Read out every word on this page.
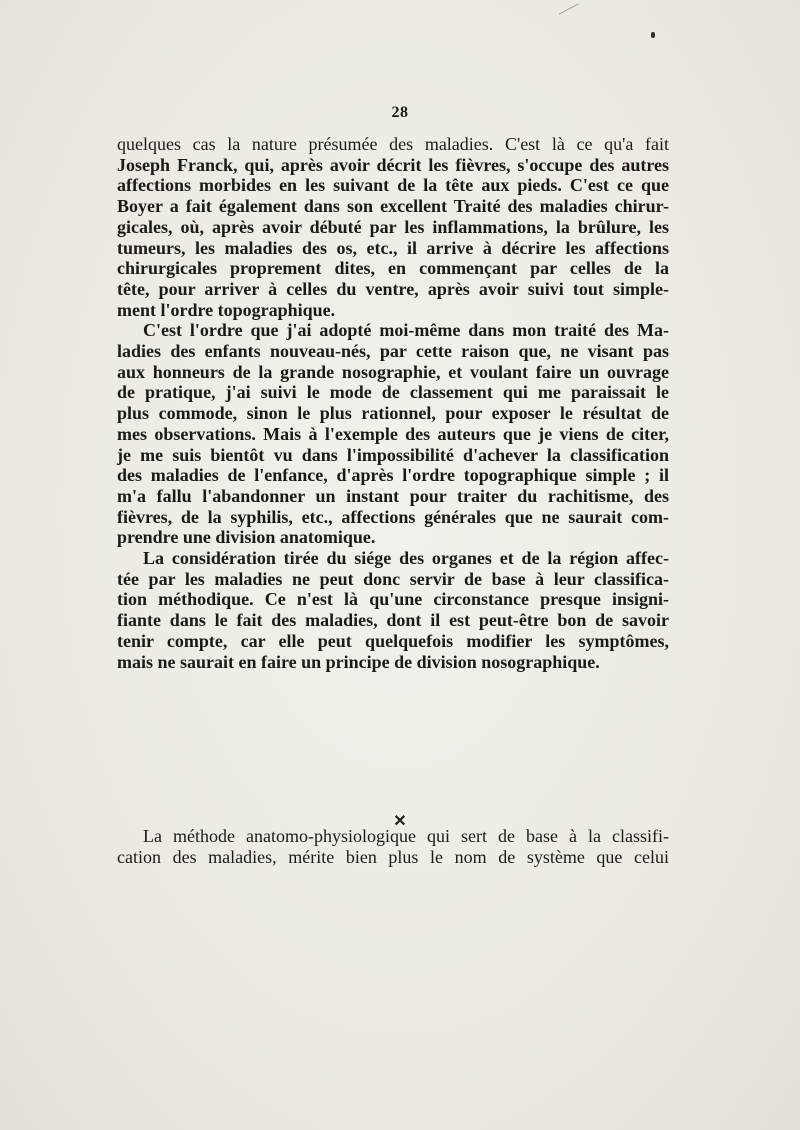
28
quelques cas la nature présumée des maladies. C'est là ce qu'a fait
Joseph Franck, qui, après avoir décrit les fièvres, s'occupe des autres
affections morbides en les suivant de la tête aux pieds. C'est ce que
Boyer a fait également dans son excellent Traité des maladies chirur-
gicales, où, après avoir débuté par les inflammations, la brûlure, les
tumeurs, les maladies des os, etc., il arrive à décrire les affections
chirurgicales proprement dites, en commençant par celles de la
tête, pour arriver à celles du ventre, après avoir suivi tout simple-
ment l'ordre topographique.
C'est l'ordre que j'ai adopté moi-même dans mon traité des Ma-
ladies des enfants nouveau-nés, par cette raison que, ne visant pas
aux honneurs de la grande nosographie, et voulant faire un ouvrage
de pratique, j'ai suivi le mode de classement qui me paraissait le
plus commode, sinon le plus rationnel, pour exposer le résultat de
mes observations. Mais à l'exemple des auteurs que je viens de citer,
je me suis bientôt vu dans l'impossibilité d'achever la classification
des maladies de l'enfance, d'après l'ordre topographique simple ; il
m'a fallu l'abandonner un instant pour traiter du rachitisme, des
fièvres, de la syphilis, etc., affections générales que ne saurait com-
prendre une division anatomique.
La considération tirée du siége des organes et de la région affec-
tée par les maladies ne peut donc servir de base à leur classifica-
tion méthodique. Ce n'est là qu'une circonstance presque insigni-
fiante dans le fait des maladies, dont il est peut-être bon de savoir
tenir compte, car elle peut quelquefois modifier les symptômes,
mais ne saurait en faire un principe de division nosographique.
✕
La méthode anatomo-physiologique qui sert de base à la classifi-
cation des maladies, mérite bien plus le nom de système que celui
